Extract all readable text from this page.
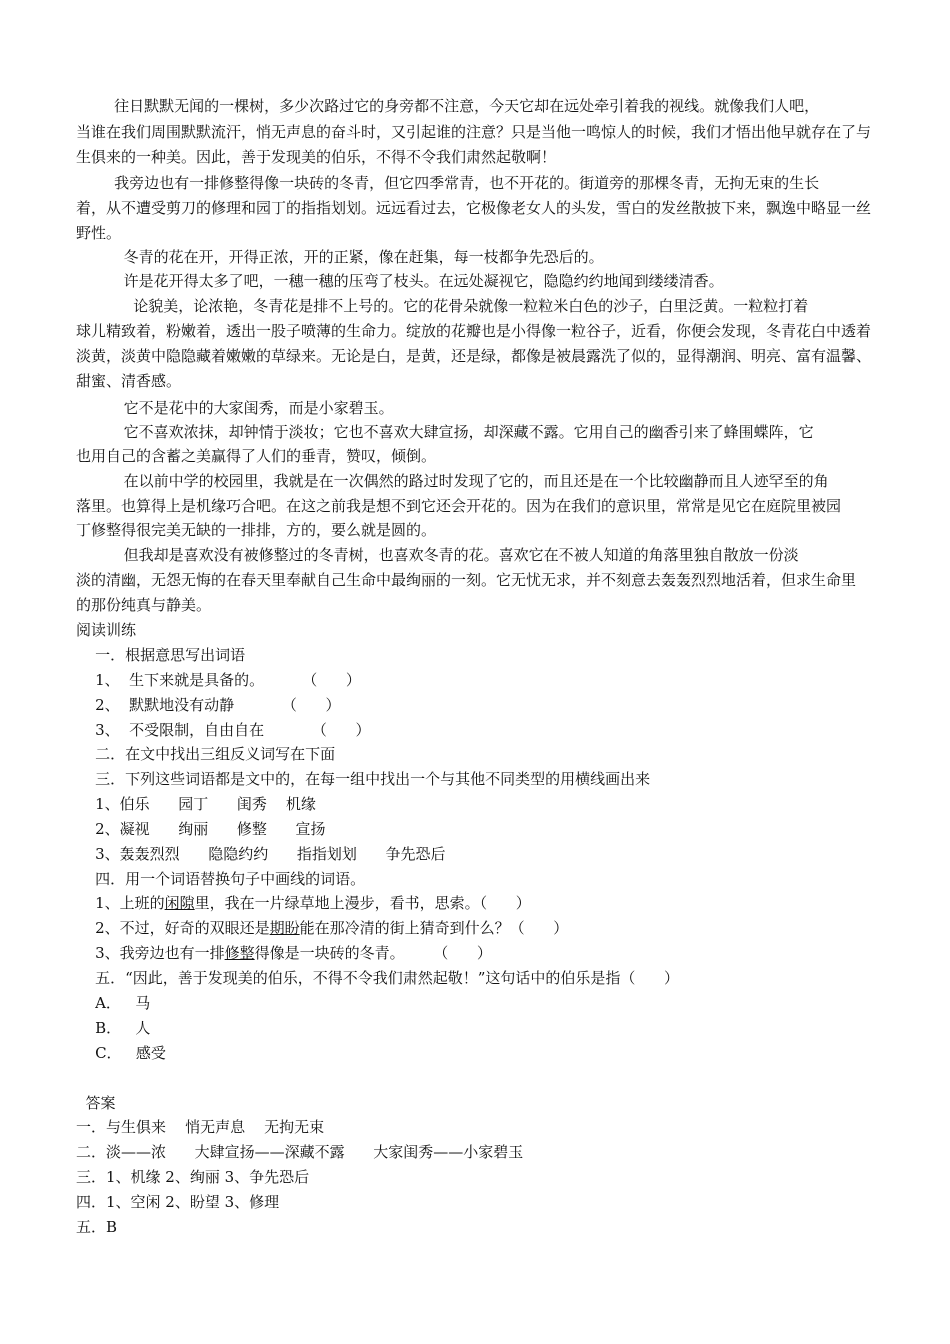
往日默默无闻的一棵树，多少次路过它的身旁都不注意，今天它却在远处牵引着我的视线。就像我们人吧，
当谁在我们周围默默流汗，悄无声息的奋斗时，又引起谁的注意？只是当他一鸣惊人的时候，我们才悟出他早就存在了与
生俱来的一种美。因此，善于发现美的伯乐，不得不令我们肃然起敬啊！
我旁边也有一排修整得像一块砖的冬青，但它四季常青，也不开花的。街道旁的那棵冬青，无拘无束的生长
着，从不遭受剪刀的修理和园丁的指指划划。远远看过去，它极像老女人的头发，雪白的发丝散披下来，飘逸中略显一丝
野性。
冬青的花在开，开得正浓，开的正紧，像在赶集，每一枝都争先恐后的。
许是花开得太多了吧，一穗一穗的压弯了枝头。在远处凝视它，隐隐约约地闻到缕缕清香。
论貌美，论浓艳，冬青花是排不上号的。它的花骨朵就像一粒粒米白色的沙子，白里泛黄。一粒粒打着
球儿精致着，粉嫩着，透出一股子喷薄的生命力。绽放的花瓣也是小得像一粒谷子，近看，你便会发现，冬青花白中透着
淡黄，淡黄中隐隐藏着嫩嫩的草绿来。无论是白，是黄，还是绿，都像是被晨露洗了似的，显得潮润、明亮、富有温馨、
甜蜜、清香感。
它不是花中的大家闺秀，而是小家碧玉。
它不喜欢浓抹，却钟情于淡妆；它也不喜欢大肆宣扬，却深藏不露。它用自己的幽香引来了蜂围蝶阵，它
也用自己的含蓄之美赢得了人们的垂青，赞叹，倾倒。
在以前中学的校园里，我就是在一次偶然的路过时发现了它的，而且还是在一个比较幽静而且人迹罕至的角
落里。也算得上是机缘巧合吧。在这之前我是想不到它还会开花的。因为在我们的意识里，常常是见它在庭院里被园
丁修整得很完美无缺的一排排，方的，要么就是圆的。
但我却是喜欢没有被修整过的冬青树，也喜欢冬青的花。喜欢它在不被人知道的角落里独自散放一份淡
淡的清幽，无怨无悔的在春天里奉献自己生命中最绚丽的一刻。它无忧无求，并不刻意去轰轰烈烈地活着，但求生命里
的那份纯真与静美。
阅读训练
一．根据意思写出词语
1、  生下来就是具备的。        （      ）
2、  默默地没有动静          （      ）
3、  不受限制，自由自在          （      ）
二．在文中找出三组反义词写在下面
三．下列这些词语都是文中的，在每一组中找出一个与其他不同类型的用横线画出来
1、伯乐      园丁      闺秀    机缘
2、凝视      绚丽      修整      宣扬
3、轰轰烈烈      隐隐约约      指指划划      争先恐后
四．用一个词语替换句子中画线的词语。
1、上班的闲隙里，我在一片绿草地上漫步，看书，思索。（      ）
2、不过，好奇的双眼还是期盼能在那冷清的街上猜奇到什么？（      ）
3、我旁边也有一排修整得像是一块砖的冬青。      （      ）
五．“因此，善于发现美的伯乐，不得不令我们肃然起敬！”这句话中的伯乐是指（      ）
A．   马
B．   人
C．   感受
答案
一．与生俱来    悄无声息    无拘无束
二．淡——浓      大肆宣扬——深藏不露      大家闺秀——小家碧玉
三．1、机缘 2、绚丽 3、争先恐后
四．1、空闲 2、盼望 3、修理
五．B
